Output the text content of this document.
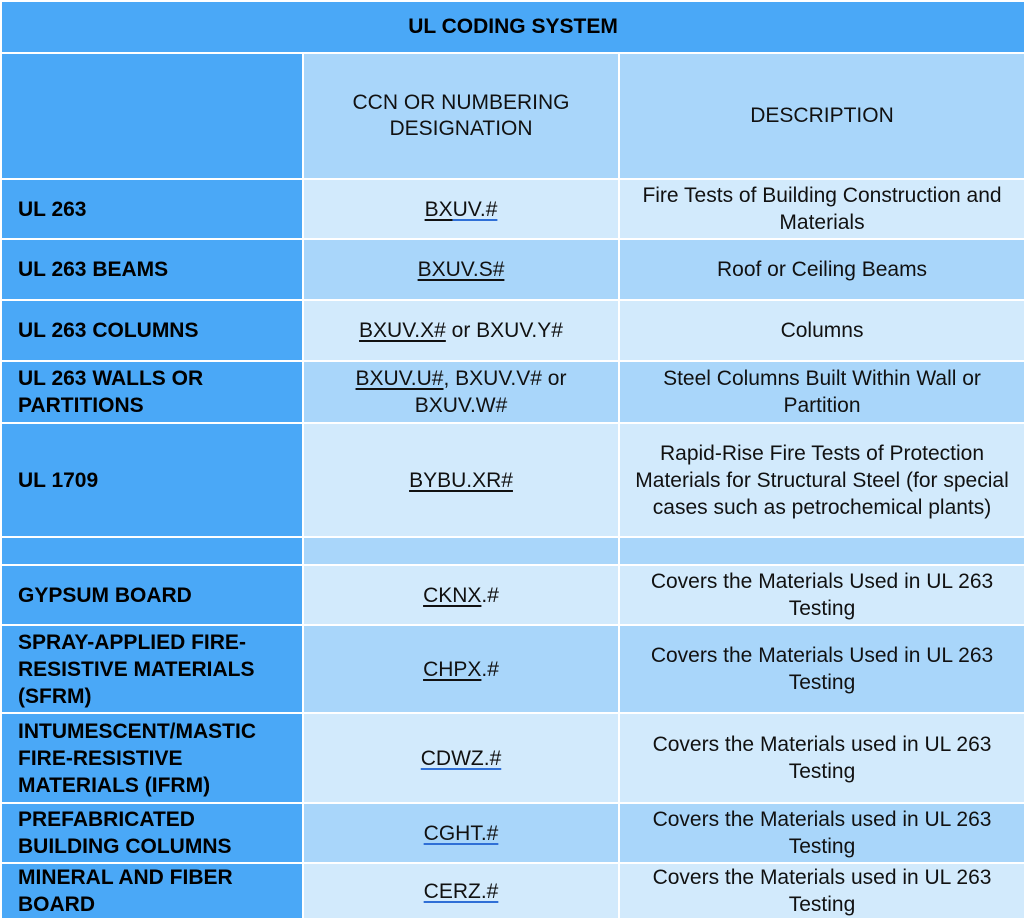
UL CODING SYSTEM		

	CCN OR NUMBERING DESIGNATION	DESCRIPTION
UL 263	BXUV.#	Fire Tests of Building Construction and Materials
UL 263 BEAMS	BXUV.S#	Roof or Ceiling Beams
UL 263 COLUMNS	BXUV.X# or BXUV.Y#	Columns
UL 263 WALLS OR PARTITIONS	BXUV.U#, BXUV.V# or BXUV.W#	Steel Columns Built Within Wall or Partition
UL 1709	BYBU.XR#	Rapid-Rise Fire Tests of Protection Materials for Structural Steel (for special cases such as petrochemical plants)

GYPSUM BOARD	CKNX.#	Covers the Materials Used in UL 263 Testing
SPRAY-APPLIED FIRE-RESISTIVE MATERIALS (SFRM)	CHPX.#	Covers the Materials Used in UL 263 Testing
INTUMESCENT/MASTIC FIRE-RESISTIVE MATERIALS (IFRM)	CDWZ.#	Covers the Materials used in UL 263 Testing
PREFABRICATED BUILDING COLUMNS	CGHT.#	Covers the Materials used in UL 263 Testing
MINERAL AND FIBER BOARD	CERZ.#	Covers the Materials used in UL 263 Testing
